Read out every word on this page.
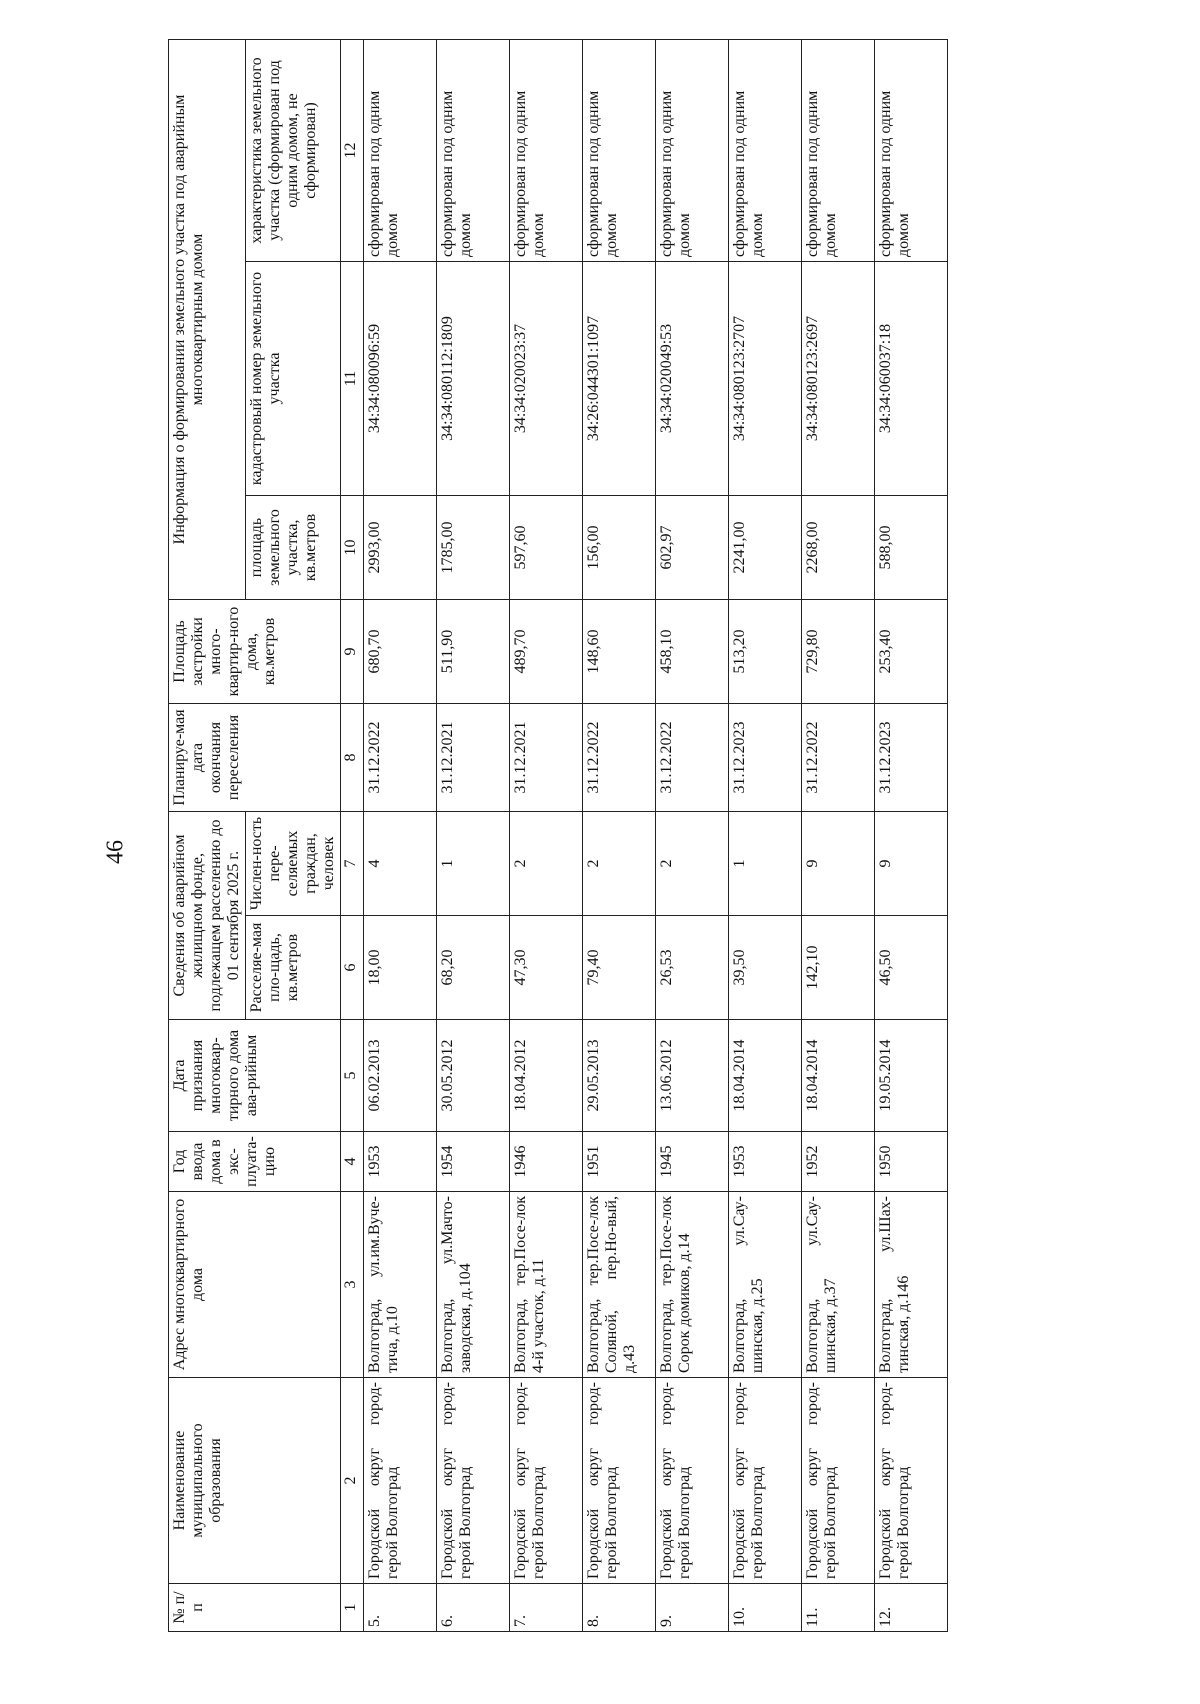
46
№ п/п	Наименование муниципального образования	Адрес многоквартирного дома	Год ввода дома в экс-плуата-цию	Дата признания многоквар-тирного дома ава-рийным	Сведения об аварийном жилищном фонде, подлежащем расселению до 01 сентября 2025 г.		Планируе-мая дата окончания переселения	Площадь застройки много-квартир-ного дома, кв.метров	Информация о формировании земельного участка под аварийным многоквартирным домом		
					Расселяе-мая пло-щадь, кв.метров	Числен-ность пере-селяемых граждан, человек			площадь земельного участка, кв.метров	кадастровый номер земельного участка	характеристика земельного участка (сформирован под одним домом, не сформирован)
1	2	3	4	5	6	7	8	9	10	11	12
5.	Городской округ город-герой Волгоград	Волгоград, ул.им.Вуче-тича, д.10	1953	06.02.2013	18,00	4	31.12.2022	680,70	2993,00	34:34:080096:59	сформирован под одним домом
6.	Городской округ город-герой Волгоград	Волгоград, ул.Мачто-заводская, д.104	1954	30.05.2012	68,20	1	31.12.2021	511,90	1785,00	34:34:080112:1809	сформирован под одним домом
7.	Городской округ город-герой Волгоград	Волгоград, тер.Посе-лок 4-й участок, д.11	1946	18.04.2012	47,30	2	31.12.2021	489,70	597,60	34:34:020023:37	сформирован под одним домом
8.	Городской округ город-герой Волгоград	Волгоград, тер.Посе-лок Соляной, пер.Но-вый, д.43	1951	29.05.2013	79,40	2	31.12.2022	148,60	156,00	34:26:044301:1097	сформирован под одним домом
9.	Городской округ город-герой Волгоград	Волгоград, тер.Посе-лок Сорок домиков, д.14	1945	13.06.2012	26,53	2	31.12.2022	458,10	602,97	34:34:020049:53	сформирован под одним домом
10.	Городской округ город-герой Волгоград	Волгоград, ул.Сау-шинская, д.25	1953	18.04.2014	39,50	1	31.12.2023	513,20	2241,00	34:34:080123:2707	сформирован под одним домом
11.	Городской округ город-герой Волгоград	Волгоград, ул.Сау-шинская, д.37	1952	18.04.2014	142,10	9	31.12.2022	729,80	2268,00	34:34:080123:2697	сформирован под одним домом
12.	Городской округ город-герой Волгоград	Волгоград, ул.Шах-тинская, д.146	1950	19.05.2014	46,50	9	31.12.2023	253,40	588,00	34:34:060037:18	сформирован под одним домом
